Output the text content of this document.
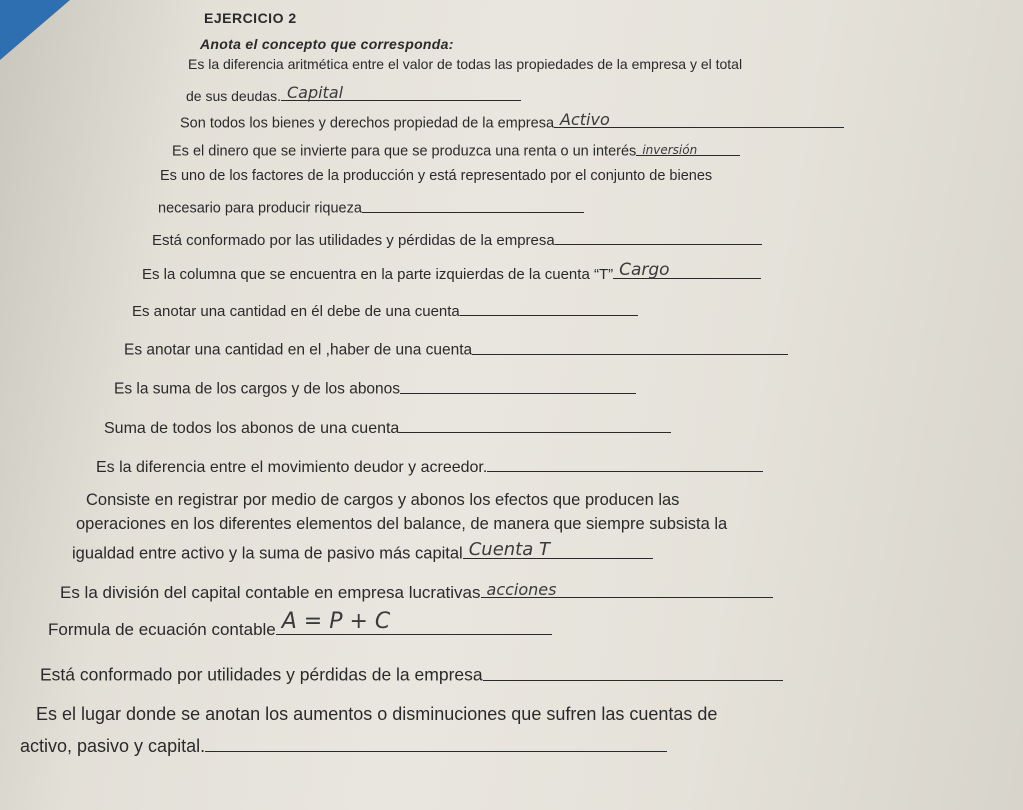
EJERCICIO 2
Anota el concepto que corresponda:
Es la diferencia aritmética entre el valor de todas las propiedades de la empresa y el total
de sus deudas. Capital
Son todos los bienes y derechos propiedad de la empresa Activo
Es el dinero que se invierte para que se produzca una renta o un interés inversión
Es uno de los factores de la producción y está representado por el conjunto de bienes
necesario para producir riqueza
Está conformado por las utilidades y pérdidas de la empresa
Es la columna que se encuentra en la parte izquierdas de la cuenta “T” Cargo
Es anotar una cantidad en él debe de una cuenta
Es anotar una cantidad en el ,haber de una cuenta
Es la suma de los cargos y de los abonos
Suma de todos los abonos de una cuenta
Es la diferencia entre el movimiento deudor y acreedor.
Consiste en registrar por medio de cargos y abonos los efectos que producen las
operaciones en los diferentes elementos del balance, de manera que siempre subsista la
igualdad entre activo y la suma de pasivo más capital Cuenta T
Es la división del capital contable en empresa lucrativas acciones
Formula de ecuación contable A = P + C
Está conformado por utilidades y pérdidas de la empresa
Es el lugar donde se anotan los aumentos o disminuciones que sufren las cuentas de
activo, pasivo y capital.
